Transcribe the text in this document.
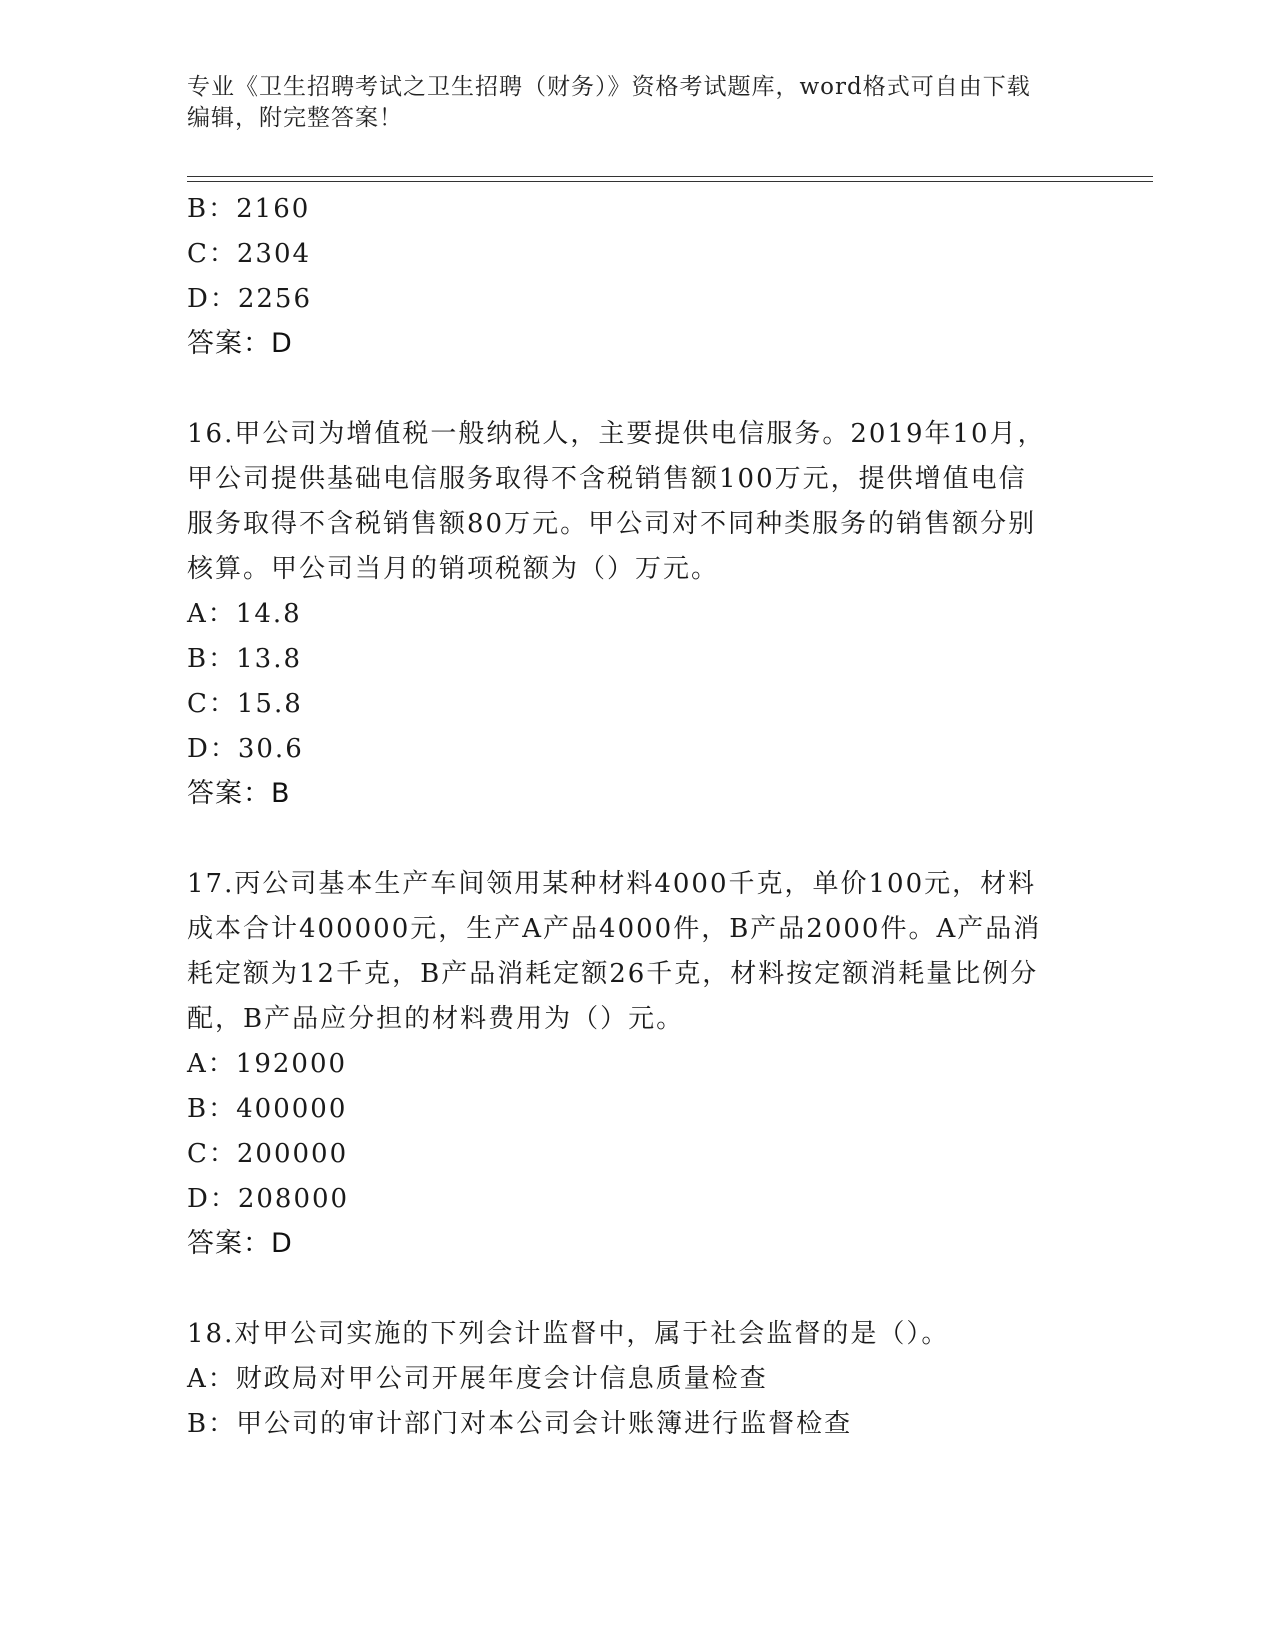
专业《卫生招聘考试之卫生招聘（财务）》资格考试题库，word格式可自由下载
编辑，附完整答案！
B：2160
C：2304
D：2256
答案：D
16.甲公司为增值税一般纳税人，主要提供电信服务。2019年10月，
甲公司提供基础电信服务取得不含税销售额100万元，提供增值电信
服务取得不含税销售额80万元。甲公司对不同种类服务的销售额分别
核算。甲公司当月的销项税额为（）万元。
A：14.8
B：13.8
C：15.8
D：30.6
答案：B
17.丙公司基本生产车间领用某种材料4000千克，单价100元，材料
成本合计400000元，生产A产品4000件，B产品2000件。A产品消
耗定额为12千克，B产品消耗定额26千克，材料按定额消耗量比例分
配，B产品应分担的材料费用为（）元。
A：192000
B：400000
C：200000
D：208000
答案：D
18.对甲公司实施的下列会计监督中，属于社会监督的是（）。
A：财政局对甲公司开展年度会计信息质量检查
B：甲公司的审计部门对本公司会计账簿进行监督检查
